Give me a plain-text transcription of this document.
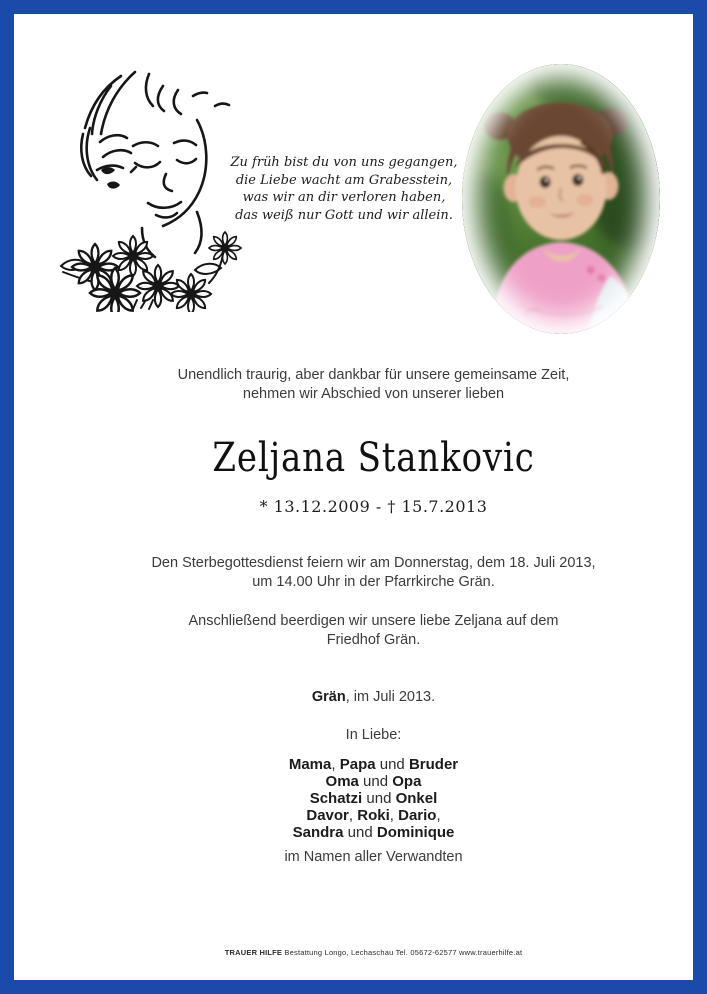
Zu früh bist du von uns gegangen,
die Liebe wacht am Grabesstein,
was wir an dir verloren haben,
das weiß nur Gott und wir allein.
Unendlich traurig, aber dankbar für unsere gemeinsame Zeit,
nehmen wir Abschied von unserer lieben
Zeljana Stankovic
* 13.12.2009 - † 15.7.2013
Den Sterbegottesdienst feiern wir am Donnerstag, dem 18. Juli 2013,
um 14.00 Uhr in der Pfarrkirche Grän.
Anschließend beerdigen wir unsere liebe Zeljana auf dem
Friedhof Grän.
Grän, im Juli 2013.
In Liebe:
Mama, Papa und Bruder
Oma und Opa
Schatzi und Onkel
Davor, Roki, Dario,
Sandra und Dominique
im Namen aller Verwandten
TRAUER HILFE Bestattung Longo, Lechaschau Tel. 05672-62577 www.trauerhilfe.at
